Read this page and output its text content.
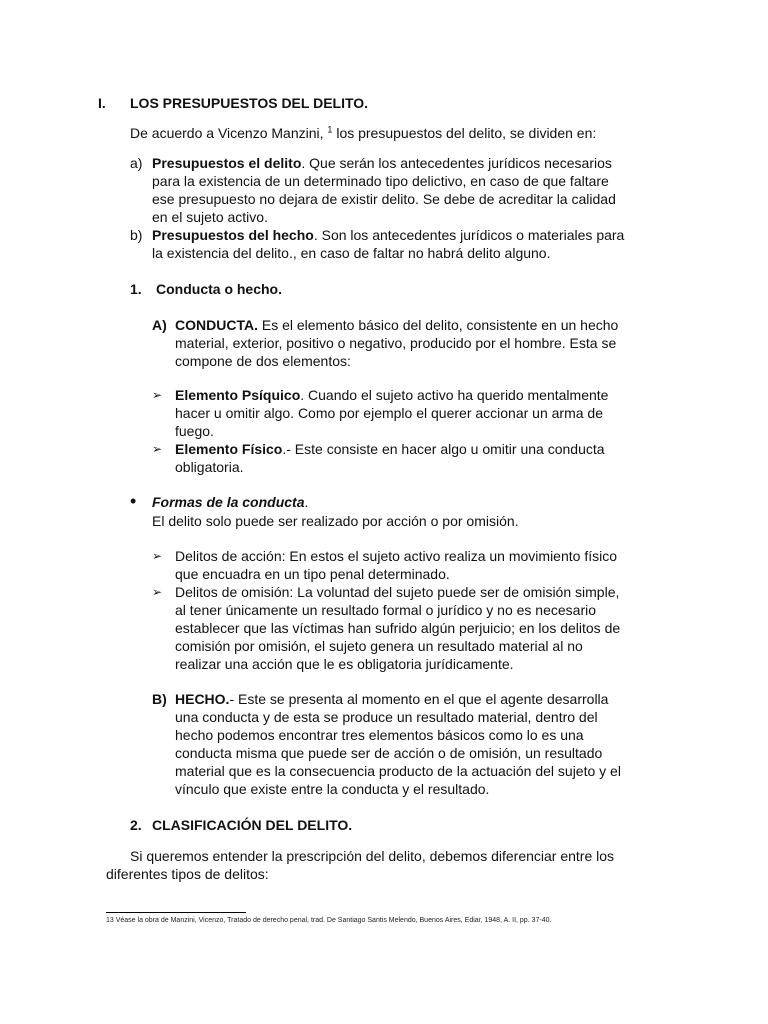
I. LOS PRESUPUESTOS DEL DELITO.
De acuerdo a Vicenzo Manzini, $^1$ los presupuestos del delito, se dividen en:
a) Presupuestos el delito. Que serán los antecedentes jurídicos necesarios
para la existencia de un determinado tipo delictivo, en caso de que faltare
ese presupuesto no dejara de existir delito. Se debe de acreditar la calidad
en el sujeto activo.
b) Presupuestos del hecho. Son los antecedentes jurídicos o materiales para
la existencia del delito., en caso de faltar no habrá delito alguno.
1. Conducta o hecho.
A) CONDUCTA. Es el elemento básico del delito, consistente en un hecho
material, exterior, positivo o negativo, producido por el hombre. Esta se
compone de dos elementos:
➢ Elemento Psíquico. Cuando el sujeto activo ha querido mentalmente
hacer u omitir algo. Como por ejemplo el querer accionar un arma de
fuego.
➢ Elemento Físico.- Este consiste en hacer algo u omitir una conducta
obligatoria.
• Formas de la conducta.
El delito solo puede ser realizado por acción o por omisión.
➢ Delitos de acción: En estos el sujeto activo realiza un movimiento físico
que encuadra en un tipo penal determinado.
➢ Delitos de omisión: La voluntad del sujeto puede ser de omisión simple,
al tener únicamente un resultado formal o jurídico y no es necesario
establecer que las víctimas han sufrido algún perjuicio; en los delitos de
comisión por omisión, el sujeto genera un resultado material al no
realizar una acción que le es obligatoria jurídicamente.
B) HECHO.- Este se presenta al momento en el que el agente desarrolla
una conducta y de esta se produce un resultado material, dentro del
hecho podemos encontrar tres elementos básicos como lo es una
conducta misma que puede ser de acción o de omisión, un resultado
material que es la consecuencia producto de la actuación del sujeto y el
vínculo que existe entre la conducta y el resultado.
2. CLASIFICACIÓN DEL DELITO.
Si queremos entender la prescripción del delito, debemos diferenciar entre los
diferentes tipos de delitos:
13 Véase la obra de Manzini, Vicenzo, Tratado de derecho penal, trad. De Santiago Santis Melendo, Buenos Aires, Ediar, 1948, A. II, pp. 37-40.
